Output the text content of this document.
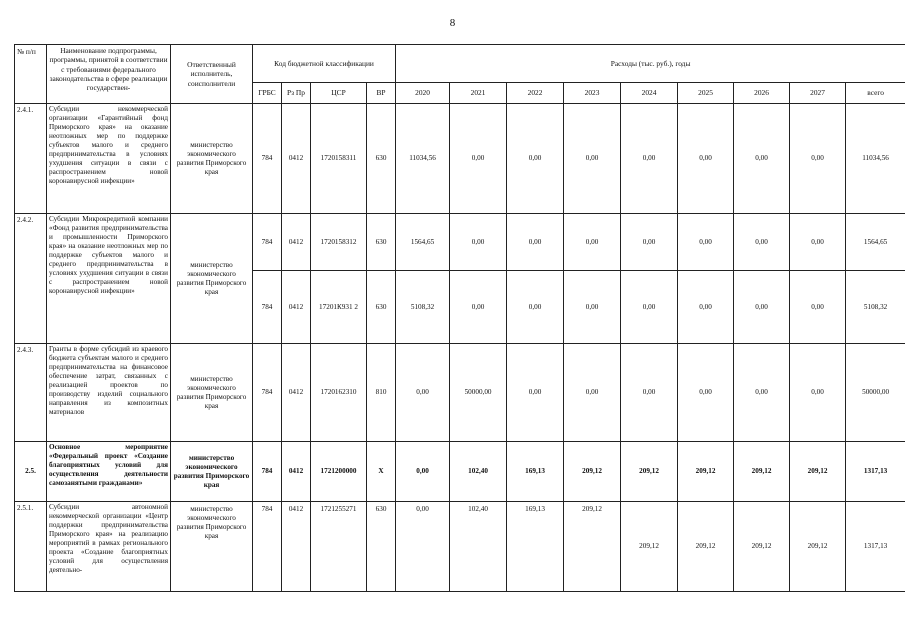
8
№ п/п	Наименование подпрограммы, программы, принятой в соответствии с требованиями федерального законодательства в сфере реализации государствен-	Ответственный исполнитель, соисполнители	Код бюджетной классификации				Расходы (тыс. руб.), годы								
			ГРБС	Рз Пр	ЦСР	ВР	2020	2021	2022	2023	2024	2025	2026	2027	всего
2.4.1.	Субсидии некоммерческой организации «Гарантийный фонд Приморского края» на оказание неотложных мер по поддержке субъектов малого и среднего предпринимательства в условиях ухудшения ситуации в связи с распространением новой коронавирусной инфекции»	министерство экономического развития Приморского края	784	0412	1720158311	630	11034,56	0,00	0,00	0,00	0,00	0,00	0,00	0,00	11034,56
2.4.2.	Субсидии Микрокредитной компании «Фонд развития предпринимательства и промышленности Приморского края» на оказание неотложных мер по поддержке субъектов малого и среднего предпринимательства в условиях ухудшения ситуации в связи с распространением новой коронавирусной инфекции»	министерство экономического развития Приморского края	784	0412	1720158312	630	1564,65	0,00	0,00	0,00	0,00	0,00	0,00	0,00	1564,65
			784	0412	17201К931 2	630	5108,32	0,00	0,00	0,00	0,00	0,00	0,00	0,00	5108,32
2.4.3.	Гранты в форме субсидий из краевого бюджета субъектам малого и среднего предпринимательства на финансовое обеспечение затрат, связанных с реализацией проектов по производству изделий социального направления из композитных материалов	министерство экономического развития Приморского края	784	0412	1720162310	810	0,00	50000,00	0,00	0,00	0,00	0,00	0,00	0,00	50000,00
2.5.	Основное мероприятие «Федеральный проект «Создание благоприятных условий для осуществления деятельности самозанятыми гражданами»	министерство экономического развития Приморского края	784	0412	1721200000	Х	0,00	102,40	169,13	209,12	209,12	209,12	209,12	209,12	1317,13
2.5.1.	Субсидии автономной некоммерческой организации «Центр поддержки предпринимательства Приморского края» на реализацию мероприятий в рамках регионального проекта «Создание благоприятных условий для осуществления деятельно-	министерство экономического развития Приморского края	784	0412	1721255271	630	0,00	102,40	169,13	209,12	209,12	209,12	209,12	209,12	1317,13
